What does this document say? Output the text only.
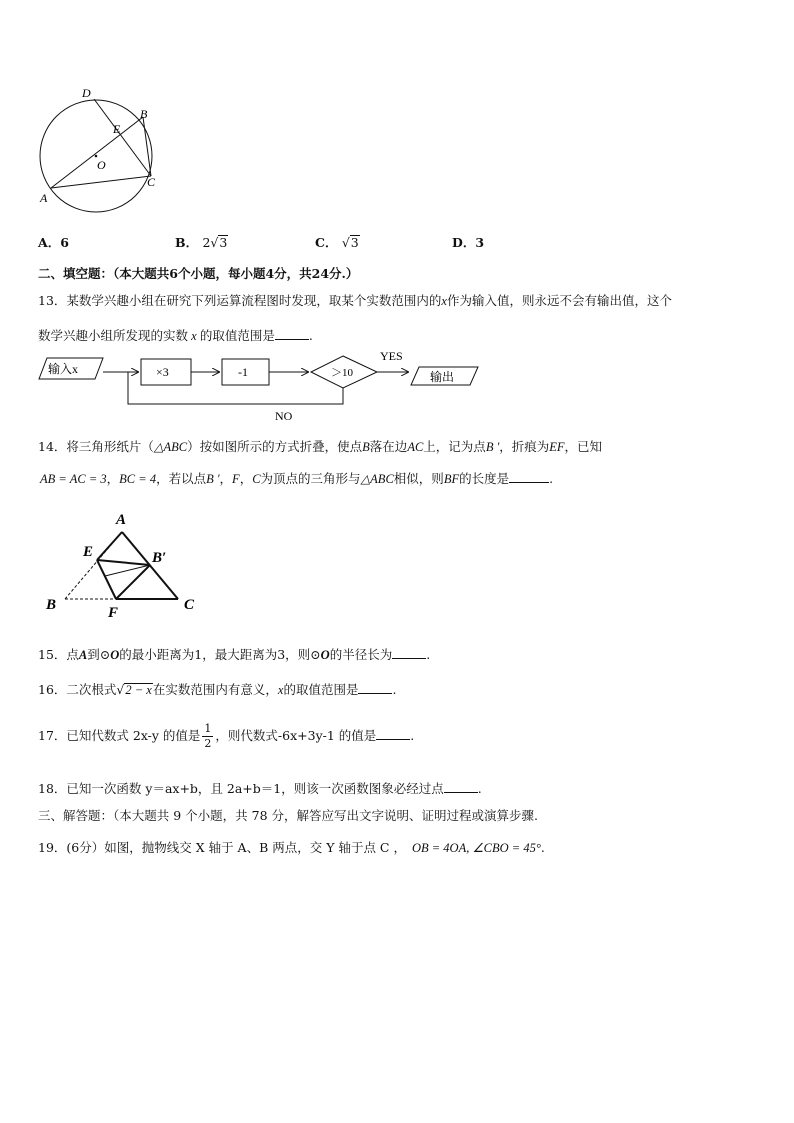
D
B
E
O
A
C
A．6	B． 2√3	C． √3	D．3
二、填空题：（本大题共6个小题，每小题4分，共24分.）
13．某数学兴趣小组在研究下列运算流程图时发现，取某个实数范围内的x作为输入值，则永远不会有输出值，这个
数学兴趣小组所发现的实数 x 的取值范围是	.
输入x	×3	-1	＞10
YES
输出
NO
14．将三角形纸片（△ABC）按如图所示的方式折叠，使点B落在边AC上，记为点B '，折痕为EF，已知
AB = AC = 3，BC = 4，若以点B '，F，C为顶点的三角形与△ABC相似，则BF的长度是	.
A
E	B′
B	F	C
15．点A到⊙O的最小距离为1，最大距离为3，则⊙O的半径长为	.
16．二次根式√2 − x在实数范围内有意义，x的取值范围是	.
17．已知代数式 2x-y 的值是 $\frac{1}{2}$ ，则代数式-6x+3y-1 的值是	.
18．已知一次函数 y＝ax+b，且 2a+b＝1，则该一次函数图象必经过点	.
三、解答题：（本大题共 9 个小题，共 78 分，解答应写出文字说明、证明过程或演算步骤.
19．(6分）如图，抛物线交 X 轴于 A、B 两点，交 Y 轴于点 C ， OB = 4OA, ∠CBO = 45°.
